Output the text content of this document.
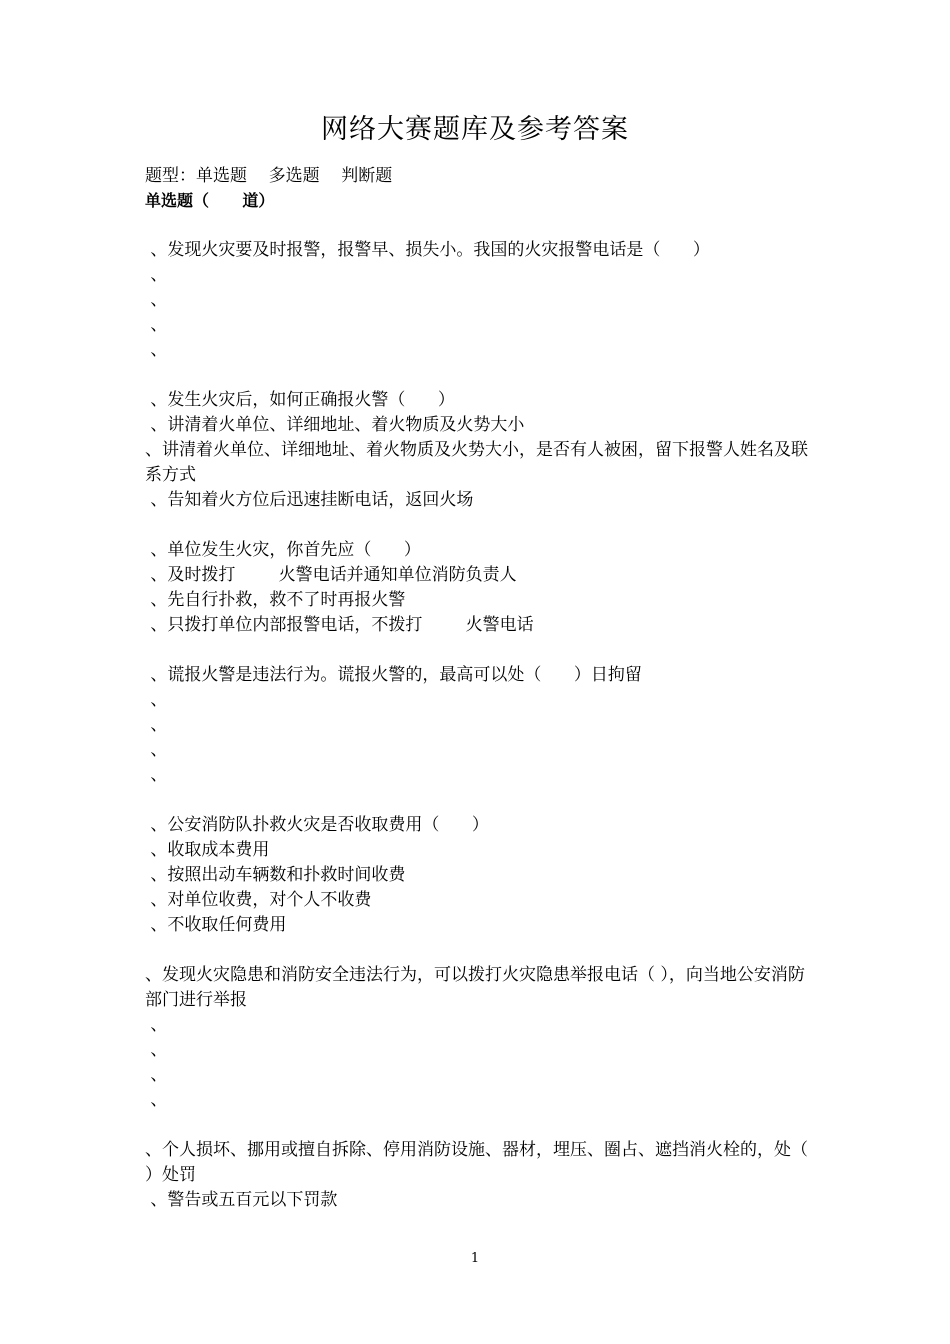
网络大赛题库及参考答案
题型：单选题    多选题    判断题
单选题（      道）
、发现火灾要及时报警，报警早、损失小。我国的火灾报警电话是（      ）
、
、
、
、
、发生火灾后，如何正确报火警（      ）
、讲清着火单位、详细地址、着火物质及火势大小
、讲清着火单位、详细地址、着火物质及火势大小，是否有人被困，留下报警人姓名及联系方式
、告知着火方位后迅速挂断电话，返回火场
、单位发生火灾，你首先应（      ）
、及时拨打        火警电话并通知单位消防负责人
、先自行扑救，救不了时再报火警
、只拨打单位内部报警电话，不拨打        火警电话
、谎报火警是违法行为。谎报火警的，最高可以处（      ）日拘留
、
、
、
、
、公安消防队扑救火灾是否收取费用（      ）
、收取成本费用
、按照出动车辆数和扑救时间收费
、对单位收费，对个人不收费
、不收取任何费用
、发现火灾隐患和消防安全违法行为，可以拨打火灾隐患举报电话（ ），向当地公安消防部门进行举报
、
、
、
、
、个人损坏、挪用或擅自拆除、停用消防设施、器材，埋压、圈占、遮挡消火栓的，处（ ）处罚
、警告或五百元以下罚款
1
